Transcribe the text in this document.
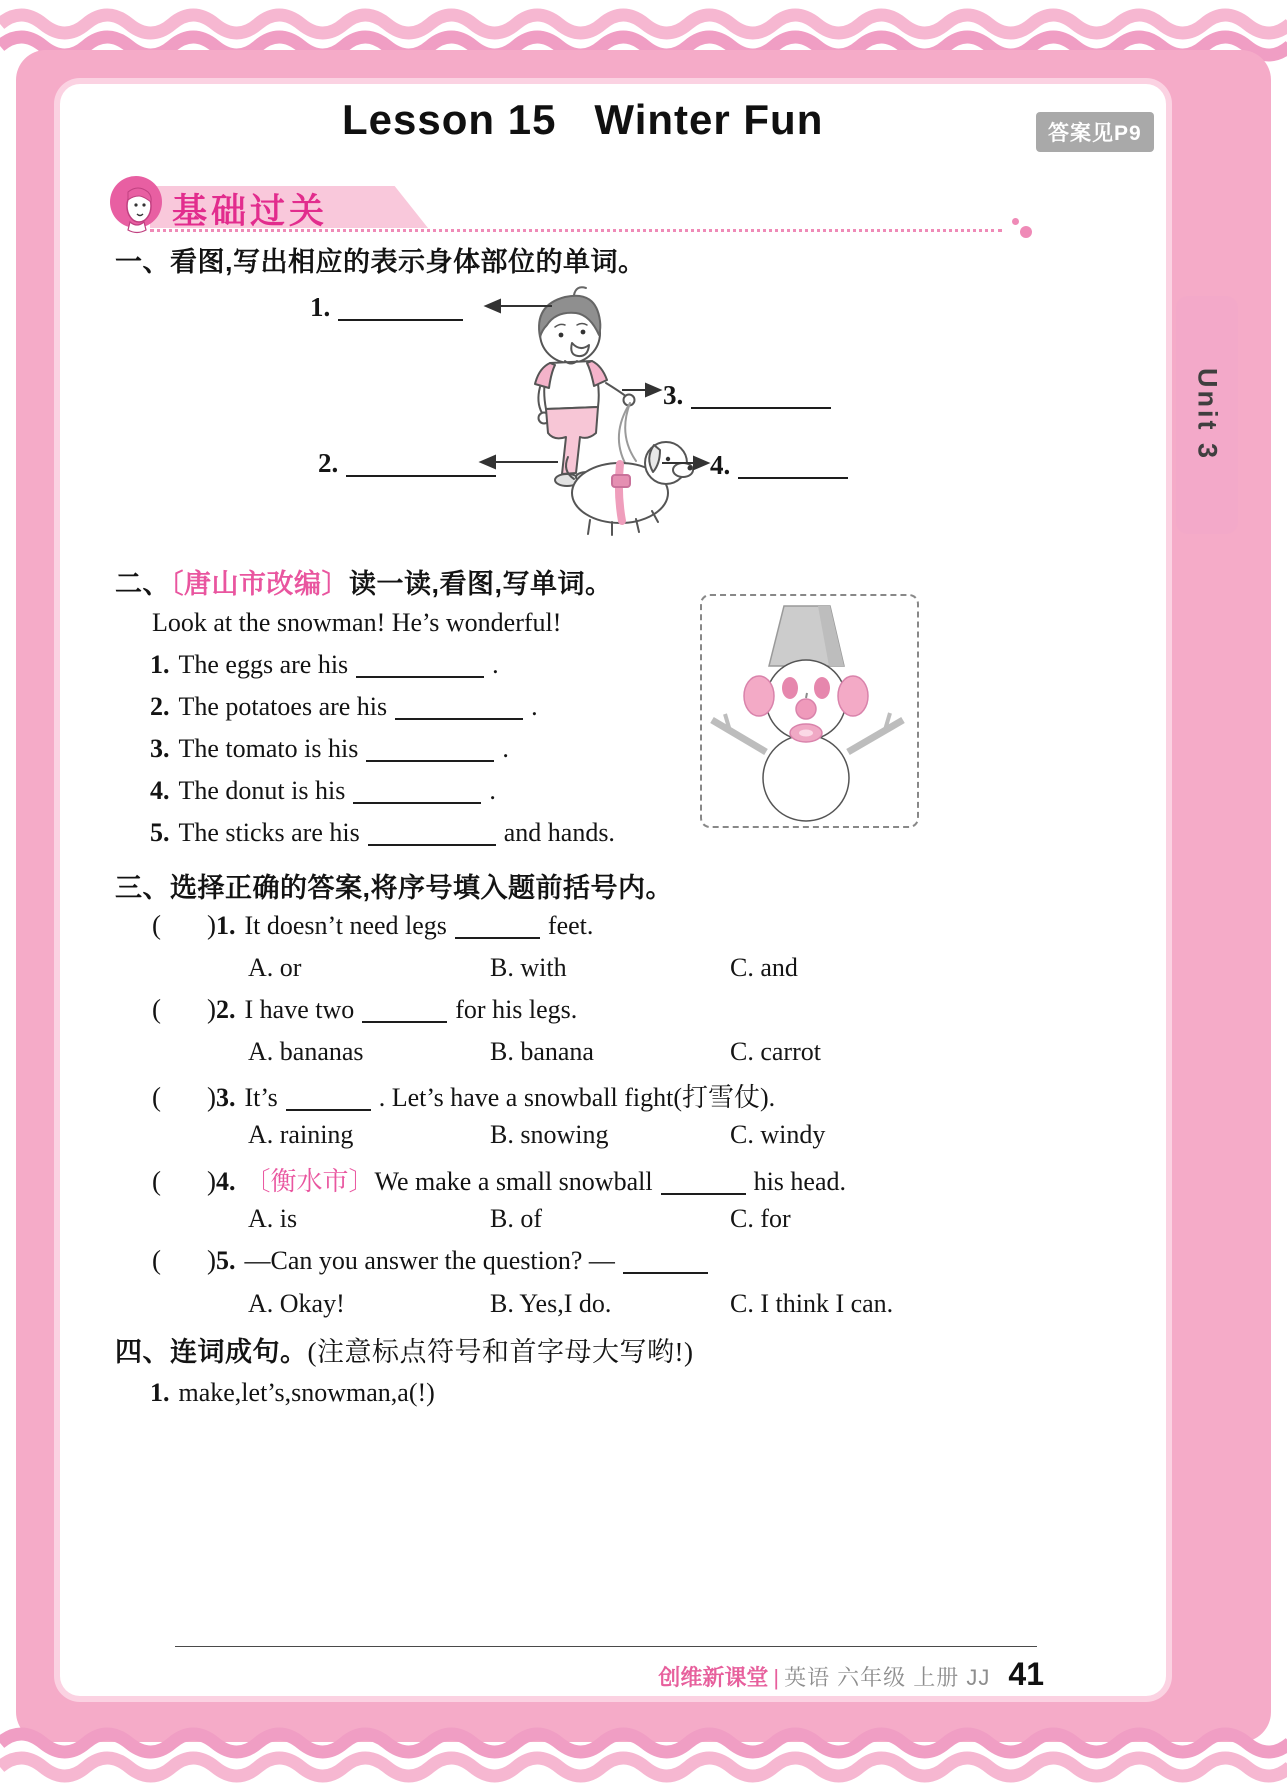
Unit 3
Lesson 15   Winter Fun	答案见P9
基础过关
一、看图,写出相应的表示身体部位的单词。
1.
2.
3.
4.
二、〔唐山市改编〕读一读,看图,写单词。
Look at the snowman! He’s wonderful!
1. The eggs are his	.
2. The potatoes are his	.
3. The tomato is his	.
4. The donut is his	.
5. The sticks are his	and hands.
三、选择正确的答案,将序号填入题前括号内。
( )1. It doesn’t need legs	feet.
A. or	B. with	C. and
( )2. I have two	for his legs.
A. bananas	B. banana	C. carrot
( )3. It’s	. Let’s have a snowball fight(打雪仗).
A. raining	B. snowing	C. windy
( )4. 〔衡水市〕We make a small snowball	his head.
A. is	B. of	C. for
( )5. —Can you answer the question? —
A. Okay!	B. Yes,I do.	C. I think I can.
四、连词成句。(注意标点符号和首字母大写哟!)
1. make,let’s,snowman,a(!)
创维新课堂 | 英语 六年级 上册 JJ 41
